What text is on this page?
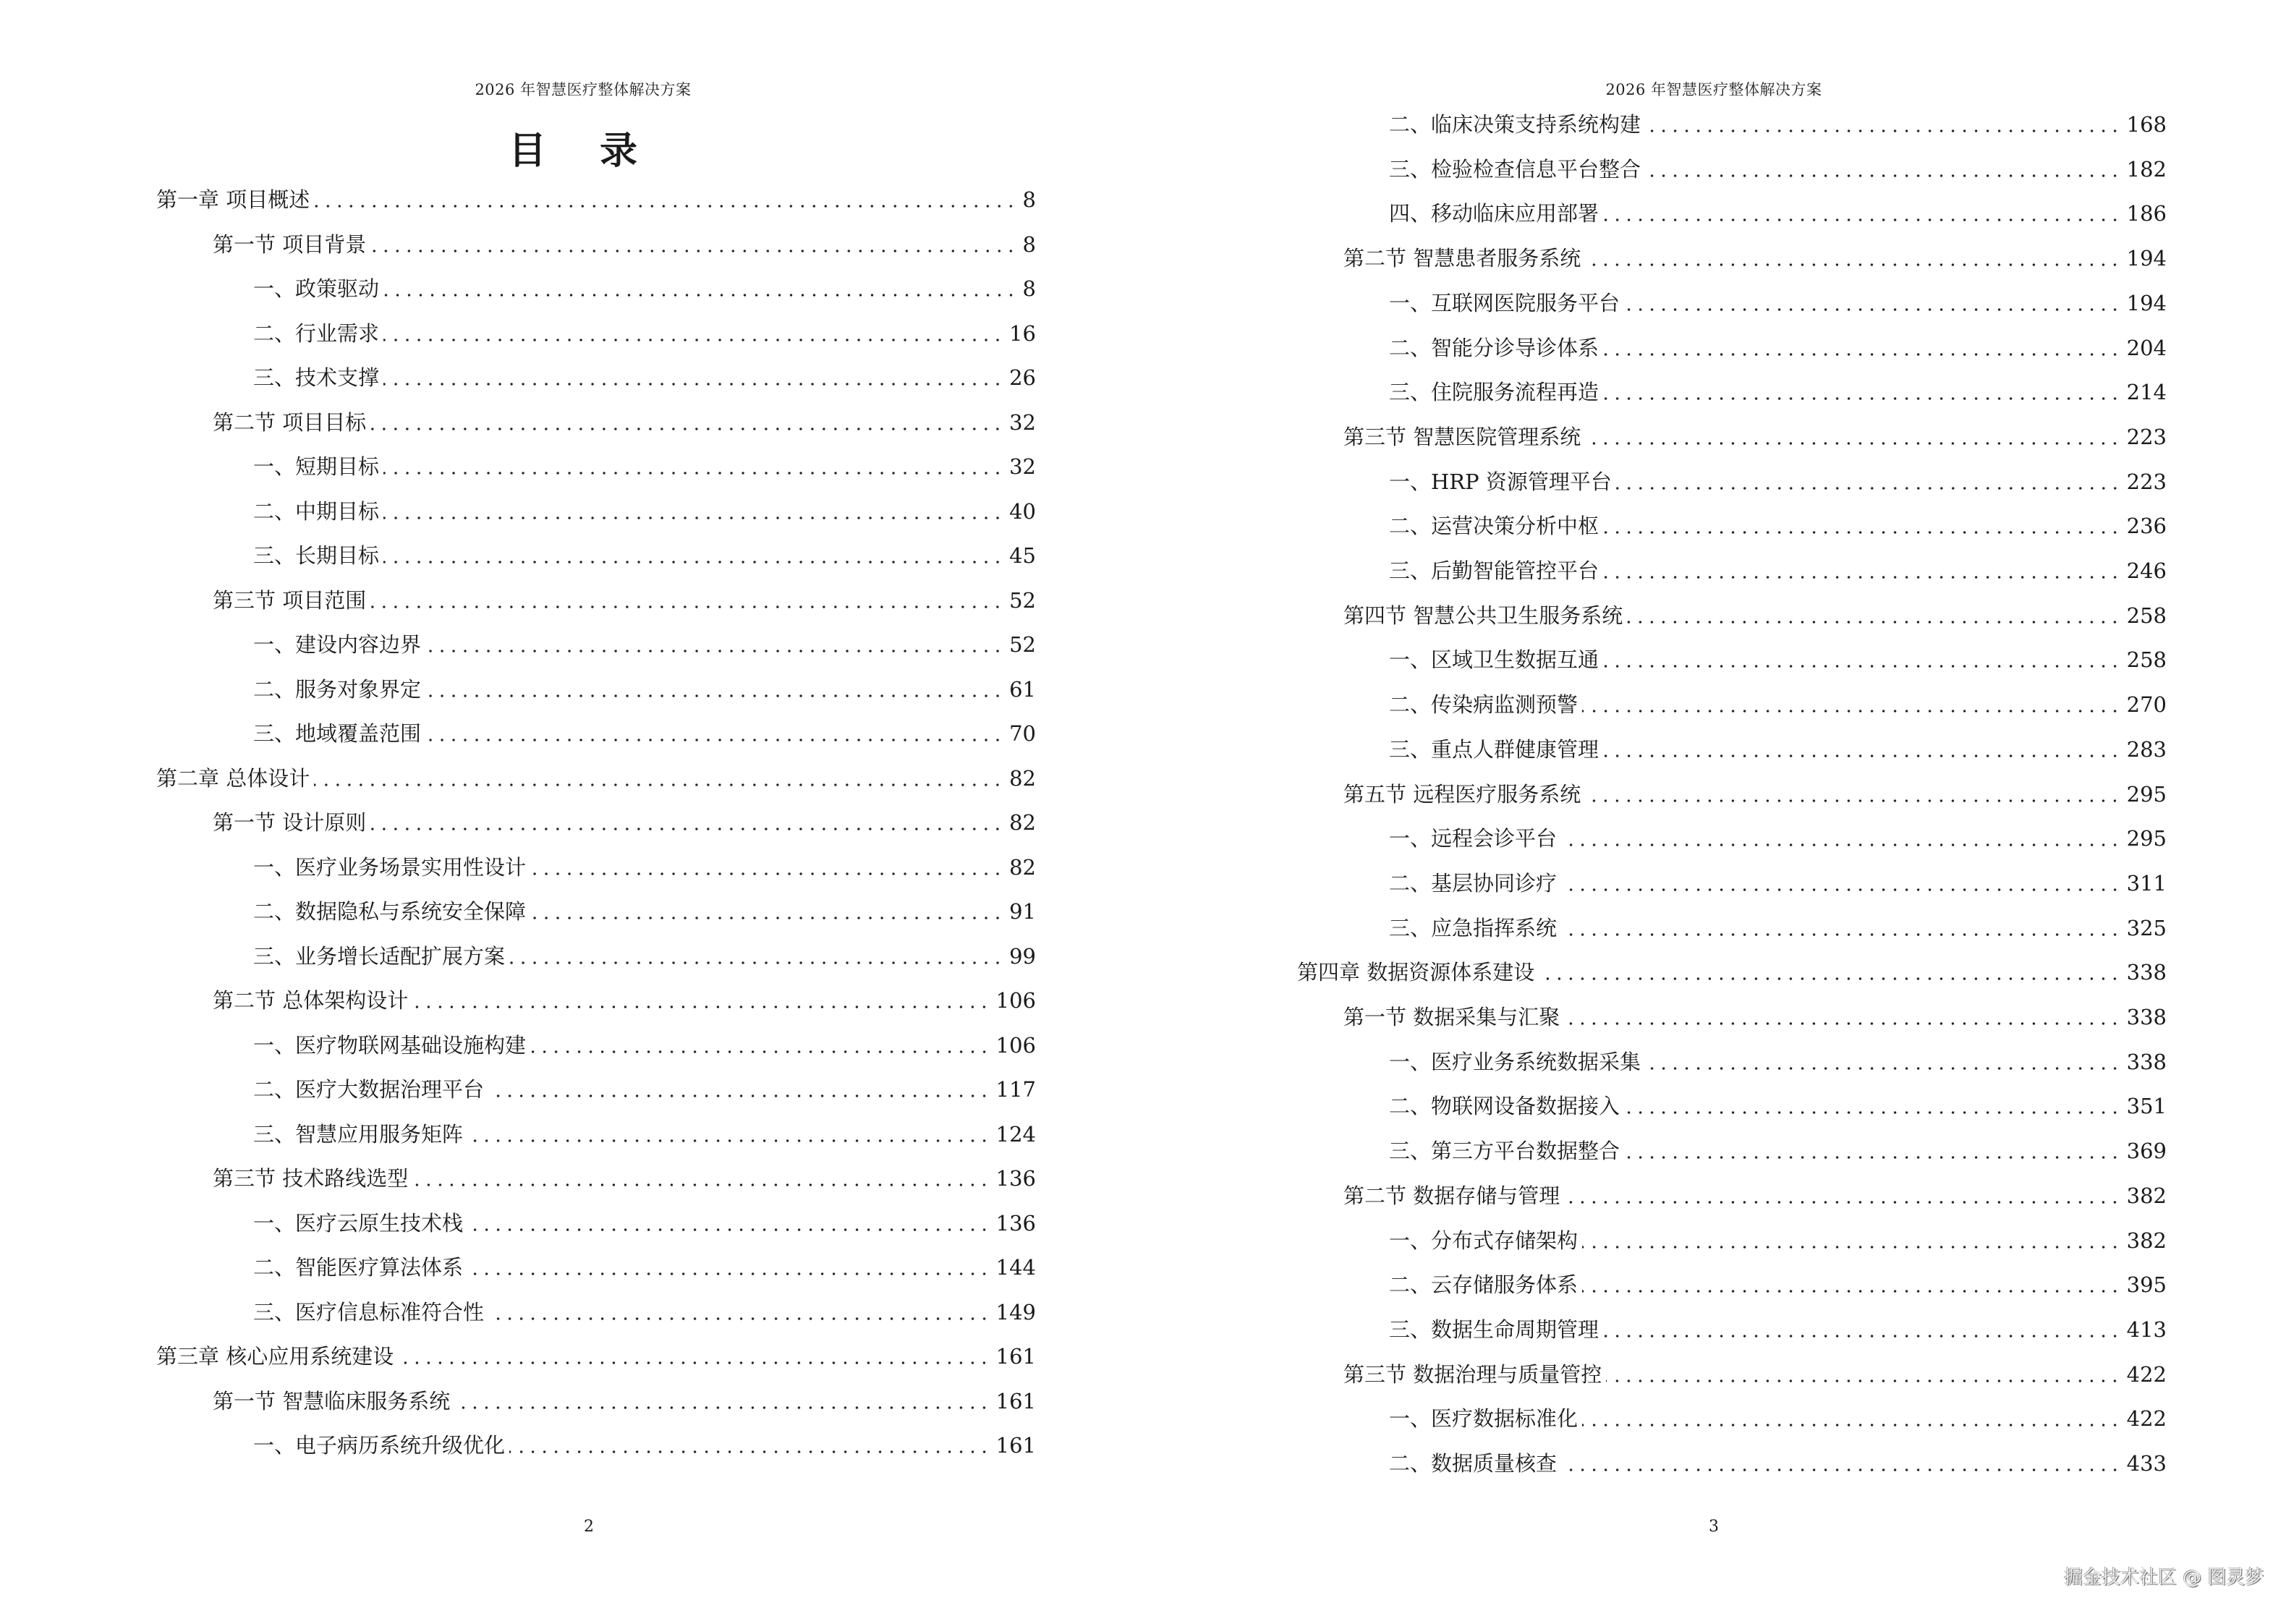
2026 年智慧医疗整体解决方案
目 录
第一章 项目概述	8
第一节 项目背景	8
一、政策驱动	8
二、行业需求	16
三、技术支撑	26
第二节 项目目标	32
一、短期目标	32
二、中期目标	40
三、长期目标	45
第三节 项目范围	52
一、建设内容边界	52
二、服务对象界定	61
三、地域覆盖范围	70
第二章 总体设计	82
第一节 设计原则	82
一、医疗业务场景实用性设计	82
二、数据隐私与系统安全保障	91
三、业务增长适配扩展方案	99
第二节 总体架构设计	106
一、医疗物联网基础设施构建	106
二、医疗大数据治理平台	117
三、智慧应用服务矩阵	124
第三节 技术路线选型	136
一、医疗云原生技术栈	136
二、智能医疗算法体系	144
三、医疗信息标准符合性	149
第三章 核心应用系统建设	161
第一节 智慧临床服务系统	161
一、电子病历系统升级优化	161
2
2026 年智慧医疗整体解决方案
二、临床决策支持系统构建	168
三、检验检查信息平台整合	182
四、移动临床应用部署	186
第二节 智慧患者服务系统	194
一、互联网医院服务平台	194
二、智能分诊导诊体系	204
三、住院服务流程再造	214
第三节 智慧医院管理系统	223
一、HRP 资源管理平台	223
二、运营决策分析中枢	236
三、后勤智能管控平台	246
第四节 智慧公共卫生服务系统	258
一、区域卫生数据互通	258
二、传染病监测预警	270
三、重点人群健康管理	283
第五节 远程医疗服务系统	295
一、远程会诊平台	295
二、基层协同诊疗	311
三、应急指挥系统	325
第四章 数据资源体系建设	338
第一节 数据采集与汇聚	338
一、医疗业务系统数据采集	338
二、物联网设备数据接入	351
三、第三方平台数据整合	369
第二节 数据存储与管理	382
一、分布式存储架构	382
二、云存储服务体系	395
三、数据生命周期管理	413
第三节 数据治理与质量管控	422
一、医疗数据标准化	422
二、数据质量核查	433
3
掘金技术社区 @ 图灵梦
